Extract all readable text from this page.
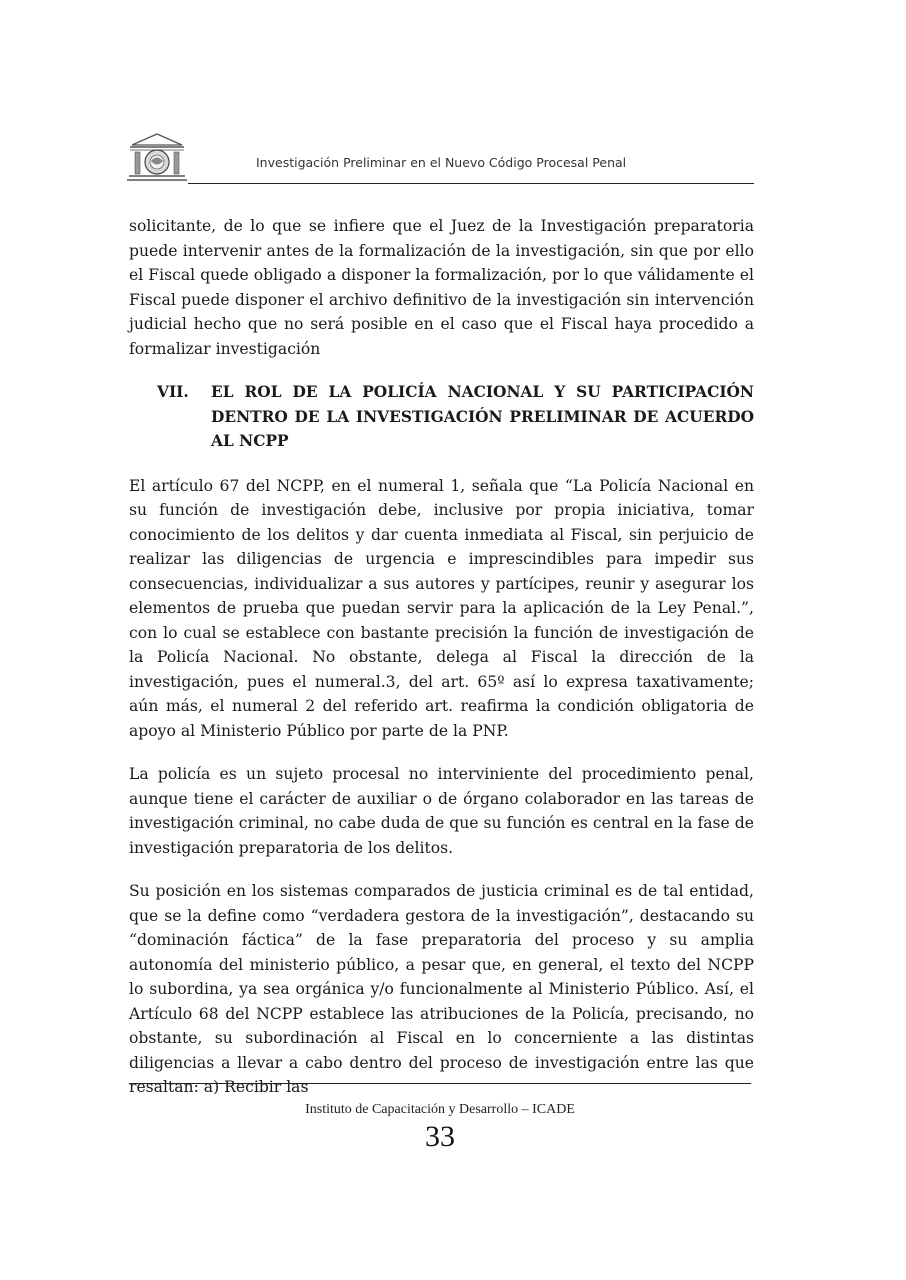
Investigación Preliminar en el Nuevo Código Procesal Penal

solicitante, de lo que se infiere que el Juez de la Investigación preparatoria puede intervenir antes de la formalización de la investigación, sin que por ello el Fiscal quede obligado a disponer la formalización, por lo que válidamente el Fiscal puede disponer el archivo definitivo de la investigación sin intervención judicial hecho que no será posible en el caso que el Fiscal haya procedido a formalizar investigación

VII. EL ROL DE LA POLICÍA NACIONAL Y SU PARTICIPACIÓN DENTRO DE LA INVESTIGACIÓN PRELIMINAR DE ACUERDO AL NCPP

El artículo 67 del NCPP, en el numeral 1, señala que “La Policía Nacional en su función de investigación debe, inclusive por propia iniciativa, tomar conocimiento de los delitos y dar cuenta inmediata al Fiscal, sin perjuicio de realizar las diligencias de urgencia e imprescindibles para impedir sus consecuencias, individualizar a sus autores y partícipes, reunir y asegurar los elementos de prueba que puedan servir para la aplicación de la Ley Penal.”, con lo cual se establece con bastante precisión la función de investigación de la Policía Nacional. No obstante, delega al Fiscal la dirección de la investigación, pues el numeral.3, del art. 65º así lo expresa taxativamente; aún más, el numeral 2 del referido art. reafirma la condición obligatoria de apoyo al Ministerio Público por parte de la PNP.

La policía es un sujeto procesal no interviniente del procedimiento penal, aunque tiene el carácter de auxiliar o de órgano colaborador en las tareas de investigación criminal, no cabe duda de que su función es central en la fase de investigación preparatoria de los delitos.

Su posición en los sistemas comparados de justicia criminal es de tal entidad, que se la define como “verdadera gestora de la investigación”, destacando su “dominación fáctica” de la fase preparatoria del proceso y su amplia autonomía del ministerio público, a pesar que, en general, el texto del NCPP lo subordina, ya sea orgánica y/o funcionalmente al Ministerio Público. Así, el Artículo 68 del NCPP establece las atribuciones de la Policía, precisando, no obstante, su subordinación al Fiscal en lo concerniente a las distintas diligencias a llevar a cabo dentro del proceso de investigación entre las que resaltan: a) Recibir las

Instituto de Capacitación y Desarrollo – ICADE
33
